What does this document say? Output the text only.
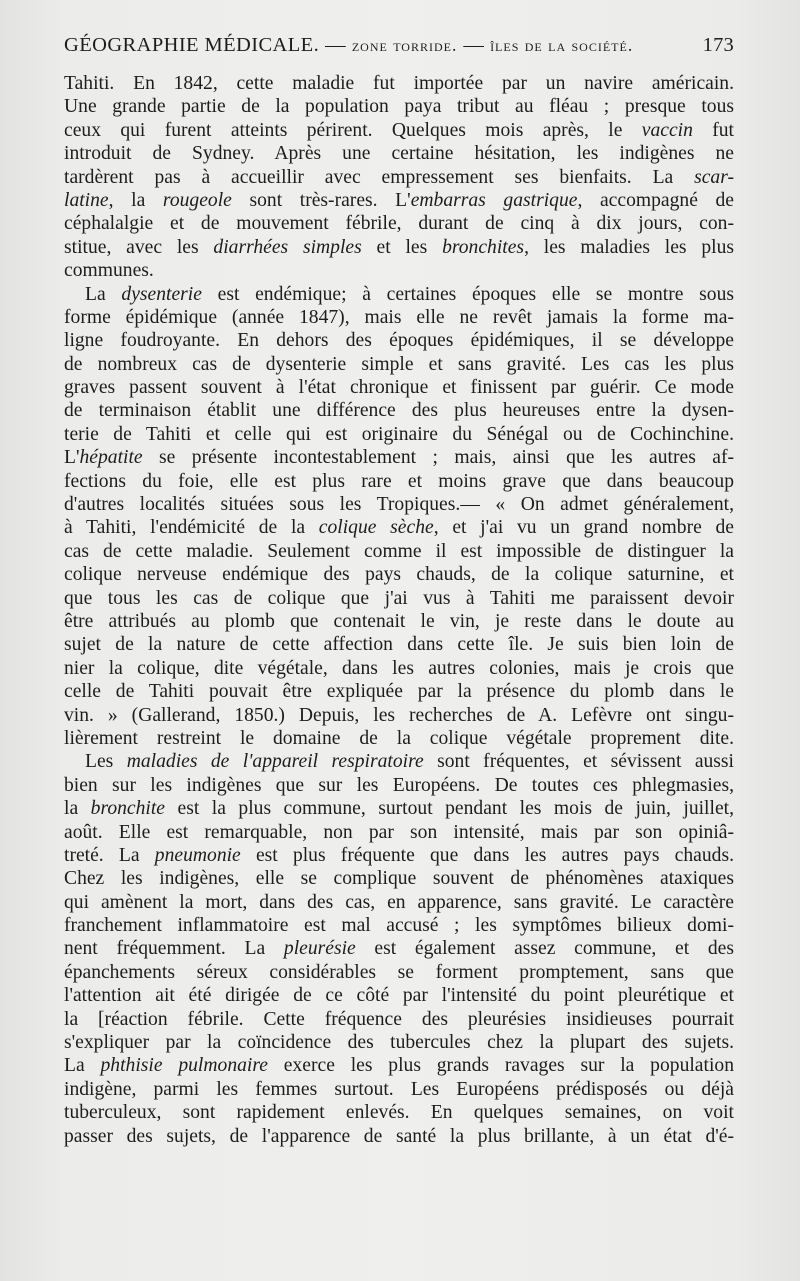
GÉOGRAPHIE MÉDICALE. — zone torride. — îles de la société.	173
Tahiti. En 1842, cette maladie fut importée par un navire américain.
Une grande partie de la population paya tribut au fléau ; presque tous
ceux qui furent atteints périrent. Quelques mois après, le vaccin fut
introduit de Sydney. Après une certaine hésitation, les indigènes ne
tardèrent pas à accueillir avec empressement ses bienfaits. La scar-
latine, la rougeole sont très-rares. L'embarras gastrique, accompagné de
céphalalgie et de mouvement fébrile, durant de cinq à dix jours, con-
stitue, avec les diarrhées simples et les bronchites, les maladies les plus
communes.
La dysenterie est endémique; à certaines époques elle se montre sous
forme épidémique (année 1847), mais elle ne revêt jamais la forme ma-
ligne foudroyante. En dehors des époques épidémiques, il se développe
de nombreux cas de dysenterie simple et sans gravité. Les cas les plus
graves passent souvent à l'état chronique et finissent par guérir. Ce mode
de terminaison établit une différence des plus heureuses entre la dysen-
terie de Tahiti et celle qui est originaire du Sénégal ou de Cochinchine.
L'hépatite se présente incontestablement ; mais, ainsi que les autres af-
fections du foie, elle est plus rare et moins grave que dans beaucoup
d'autres localités situées sous les Tropiques.— « On admet généralement,
à Tahiti, l'endémicité de la colique sèche, et j'ai vu un grand nombre de
cas de cette maladie. Seulement comme il est impossible de distinguer la
colique nerveuse endémique des pays chauds, de la colique saturnine, et
que tous les cas de colique que j'ai vus à Tahiti me paraissent devoir
être attribués au plomb que contenait le vin, je reste dans le doute au
sujet de la nature de cette affection dans cette île. Je suis bien loin de
nier la colique, dite végétale, dans les autres colonies, mais je crois que
celle de Tahiti pouvait être expliquée par la présence du plomb dans le
vin. » (Gallerand, 1850.) Depuis, les recherches de A. Lefèvre ont singu-
lièrement restreint le domaine de la colique végétale proprement dite.
Les maladies de l'appareil respiratoire sont fréquentes, et sévissent aussi
bien sur les indigènes que sur les Européens. De toutes ces phlegmasies,
la bronchite est la plus commune, surtout pendant les mois de juin, juillet,
août. Elle est remarquable, non par son intensité, mais par son opiniâ-
treté. La pneumonie est plus fréquente que dans les autres pays chauds.
Chez les indigènes, elle se complique souvent de phénomènes ataxiques
qui amènent la mort, dans des cas, en apparence, sans gravité. Le caractère
franchement inflammatoire est mal accusé ; les symptômes bilieux domi-
nent fréquemment. La pleurésie est également assez commune, et des
épanchements séreux considérables se forment promptement, sans que
l'attention ait été dirigée de ce côté par l'intensité du point pleurétique et
la [réaction fébrile. Cette fréquence des pleurésies insidieuses pourrait
s'expliquer par la coïncidence des tubercules chez la plupart des sujets.
La phthisie pulmonaire exerce les plus grands ravages sur la population
indigène, parmi les femmes surtout. Les Européens prédisposés ou déjà
tuberculeux, sont rapidement enlevés. En quelques semaines, on voit
passer des sujets, de l'apparence de santé la plus brillante, à un état d'é-
